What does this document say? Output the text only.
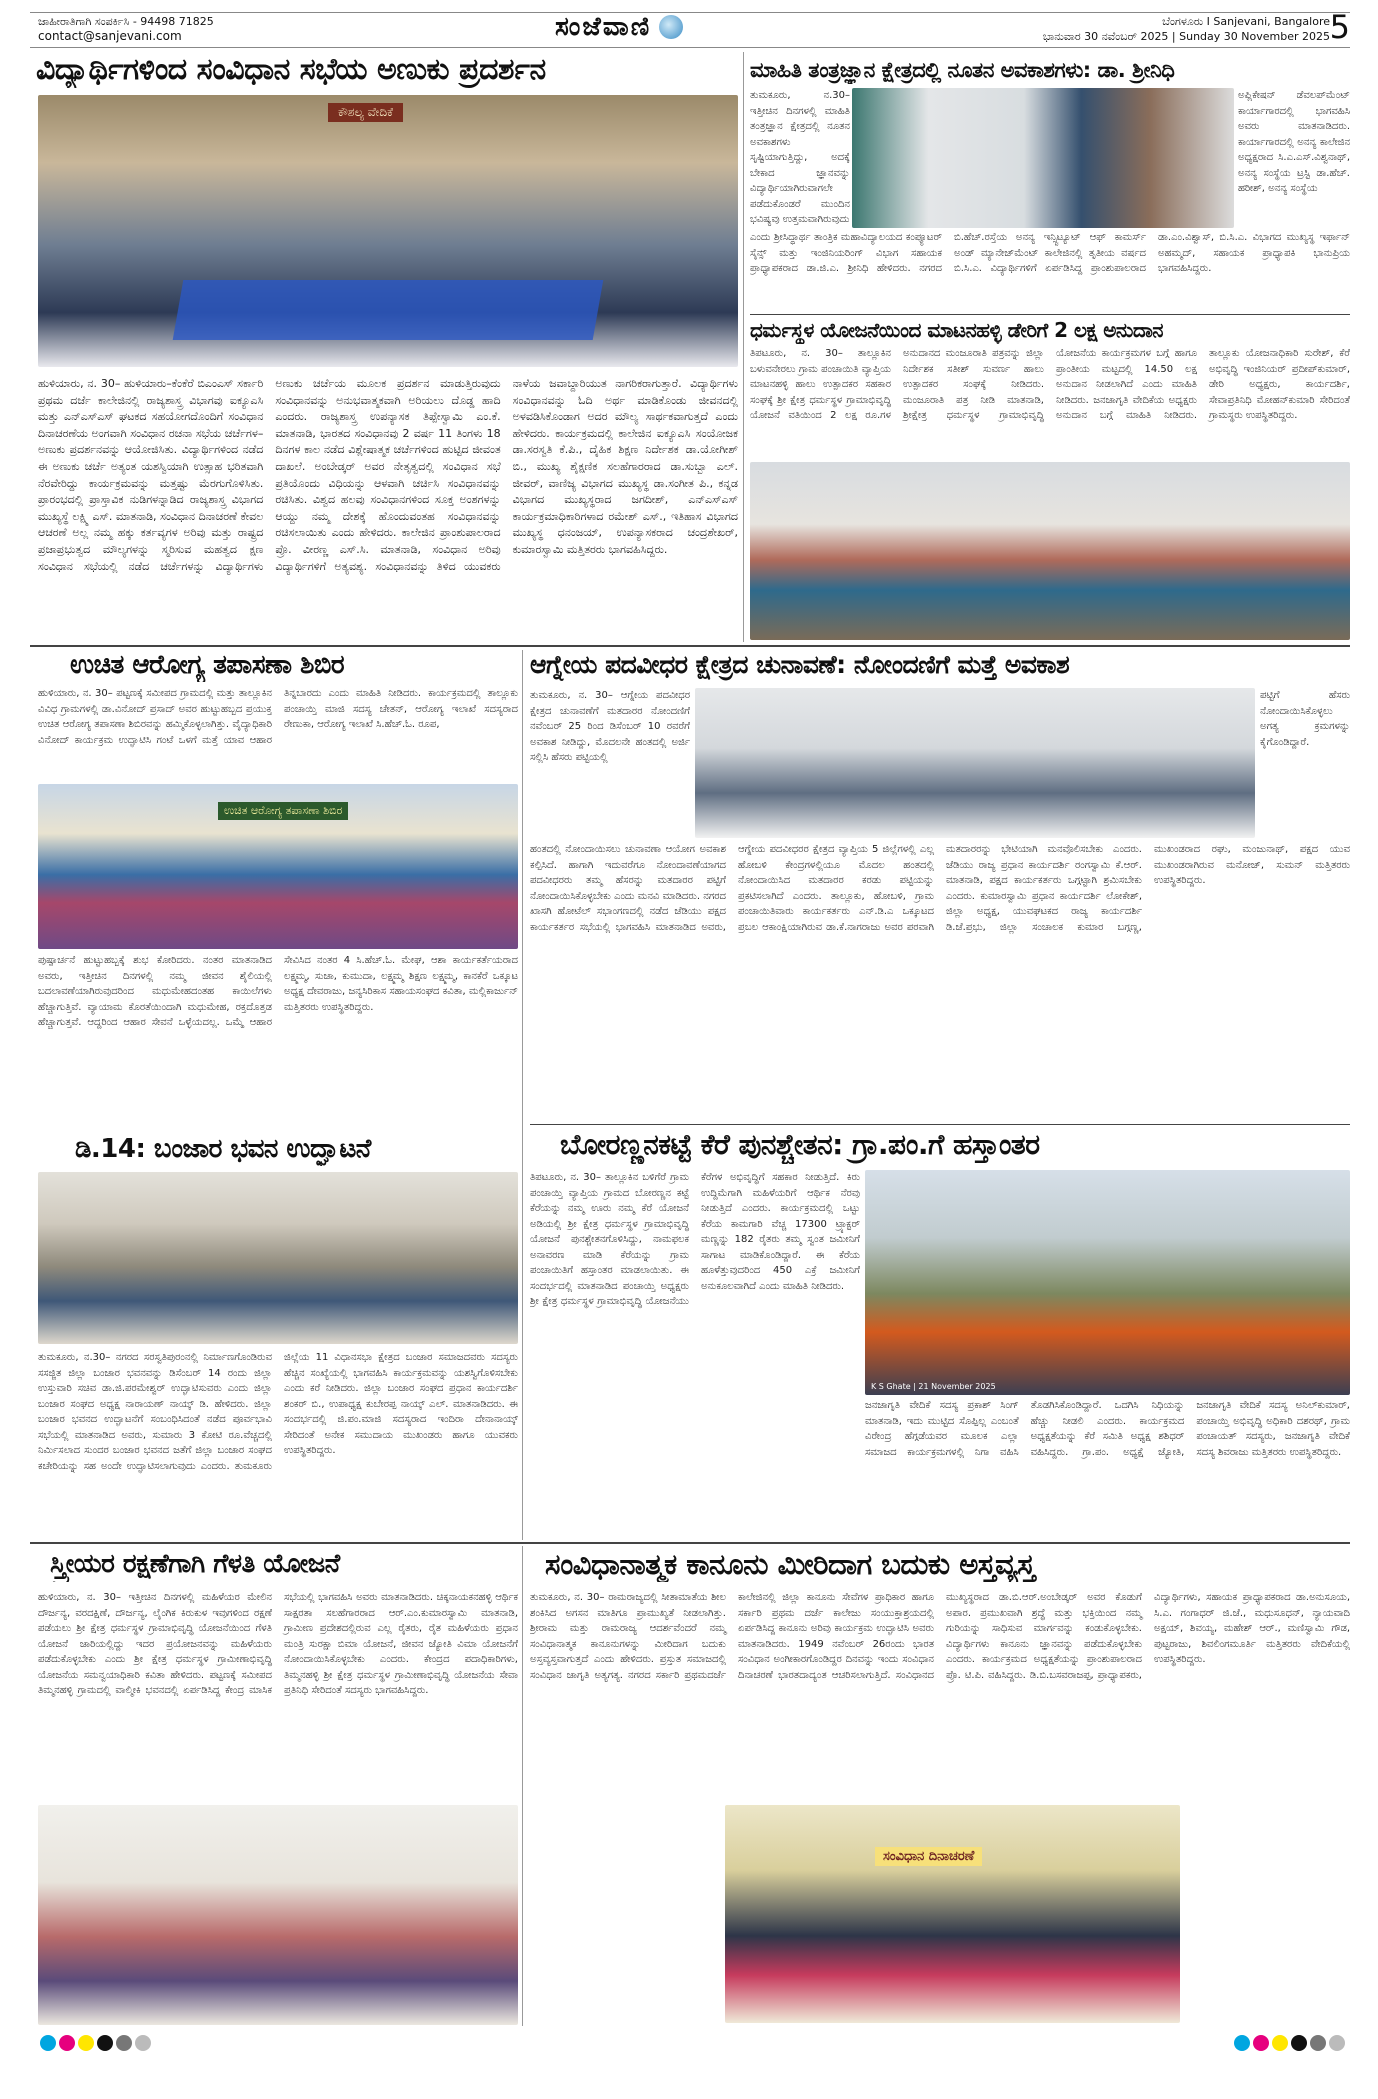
ಜಾಹೀರಾತಿಗಾಗಿ ಸಂಪರ್ಕಿಸಿ - 94498 71825
contact@sanjevani.com	ಸಂಜೆವಾಣಿ	ಬೆಂಗಳೂರು I Sanjevani, Bangalore
ಭಾನುವಾರ 30 ನವೆಂಬರ್ 2025 | Sunday 30 November 2025 5
ವಿದ್ಯಾರ್ಥಿಗಳಿಂದ ಸಂವಿಧಾನ ಸಭೆಯ ಅಣುಕು ಪ್ರದರ್ಶನ
ಕೌಶಲ್ಯ ವೇದಿಕೆ
ಹುಳಿಯಾರು, ನ. 30– ಹುಳಿಯಾರು–ಕೆಂಕೆರೆ ಬಿಎಂಎಸ್ ಸರ್ಕಾರಿ ಪ್ರಥಮ ದರ್ಜೆ ಕಾಲೇಜಿನಲ್ಲಿ ರಾಜ್ಯಶಾಸ್ತ್ರ ವಿಭಾಗವು ಐಕ್ಯೂಎಸಿ ಮತ್ತು ಎನ್‌ಎಸ್‌ಎಸ್ ಘಟಕದ ಸಹಯೋಗದೊಂದಿಗೆ ಸಂವಿಧಾನ ದಿನಾಚರಣೆಯ ಅಂಗವಾಗಿ ಸಂವಿಧಾನ ರಚನಾ ಸಭೆಯ ಚರ್ಚೆಗಳ– ಅಣುಕು ಪ್ರದರ್ಶನವನ್ನು ಆಯೋಜಿಸಿತು. ವಿದ್ಯಾರ್ಥಿಗಳಿಂದ ನಡೆದ ಈ ಅಣುಕು ಚರ್ಚೆ ಅತ್ಯಂತ ಯಶಸ್ವಿಯಾಗಿ ಉತ್ಸಾಹ ಭರಿತವಾಗಿ ನೆರವೇರಿದ್ದು ಕಾರ್ಯಕ್ರಮವನ್ನು ಮತ್ತಷ್ಟು ಮೆರಗುಗೊಳಿಸಿತು. ಪ್ರಾರಂಭದಲ್ಲಿ ಪ್ರಾಸ್ತಾವಿಕ ನುಡಿಗಳನ್ನಾಡಿದ ರಾಜ್ಯಶಾಸ್ತ್ರ ವಿಭಾಗದ ಮುಖ್ಯಸ್ಥೆ ಲಕ್ಷ್ಮಿ ಎಸ್. ಮಾತನಾಡಿ, ಸಂವಿಧಾನ ದಿನಾಚರಣೆ ಕೇವಲ ಆಚರಣೆ ಅಲ್ಲ ನಮ್ಮ ಹಕ್ಕು ಕರ್ತವ್ಯಗಳ ಅರಿವು ಮತ್ತು ರಾಷ್ಟ್ರದ ಪ್ರಜಾಪ್ರಭುತ್ವದ ಮೌಲ್ಯಗಳನ್ನು ಸ್ಮರಿಸುವ ಮಹತ್ವದ ಕ್ಷಣ ಸಂವಿಧಾನ ಸಭೆಯಲ್ಲಿ ನಡೆದ ಚರ್ಚೆಗಳನ್ನು ವಿದ್ಯಾರ್ಥಿಗಳು ಅಣುಕು ಚರ್ಚೆಯ ಮೂಲಕ ಪ್ರದರ್ಶನ ಮಾಡುತ್ತಿರುವುದು ಸಂವಿಧಾನವನ್ನು ಅನುಭವಾತ್ಮಕವಾಗಿ ಅರಿಯಲು ದೊಡ್ಡ ಹಾದಿ ಎಂದರು. ರಾಜ್ಯಶಾಸ್ತ್ರ ಉಪನ್ಯಾಸಕ ತಿಪ್ಪೇಸ್ವಾಮಿ ಎಂ.ಕೆ. ಮಾತನಾಡಿ, ಭಾರತದ ಸಂವಿಧಾನವು 2 ವರ್ಷ 11 ತಿಂಗಳು 18 ದಿನಗಳ ಕಾಲ ನಡೆದ ವಿಶ್ಲೇಷಾತ್ಮಕ ಚರ್ಚೆಗಳಿಂದ ಹುಟ್ಟಿದ ಜೀವಂತ ದಾಖಲೆ. ಅಂಬೇಡ್ಕರ್ ಅವರ ನೇತೃತ್ವದಲ್ಲಿ ಸಂವಿಧಾನ ಸಭೆ ಪ್ರತಿಯೊಂದು ವಿಧಿಯನ್ನು ಆಳವಾಗಿ ಚರ್ಚಿಸಿ ಸಂವಿಧಾನವನ್ನು ರಚಿಸಿತು. ವಿಶ್ವದ ಹಲವು ಸಂವಿಧಾನಗಳಿಂದ ಸೂಕ್ತ ಅಂಶಗಳನ್ನು ಆಯ್ದು ನಮ್ಮ ದೇಶಕ್ಕೆ ಹೊಂದುವಂತಹ ಸಂವಿಧಾನವನ್ನು ರಚಿಸಲಾಯಿತು ಎಂದು ಹೇಳಿದರು. ಕಾಲೇಜಿನ ಪ್ರಾಂಶುಪಾಲರಾದ ಪ್ರೊ. ವೀರಣ್ಣ ಎಸ್.ಸಿ. ಮಾತನಾಡಿ, ಸಂವಿಧಾನ ಅರಿವು ವಿದ್ಯಾರ್ಥಿಗಳಿಗೆ ಅತ್ಯವಶ್ಯ. ಸಂವಿಧಾನವನ್ನು ತಿಳಿದ ಯುವಕರು ನಾಳೆಯ ಜವಾಬ್ದಾರಿಯುತ ನಾಗರಿಕರಾಗುತ್ತಾರೆ. ವಿದ್ಯಾರ್ಥಿಗಳು ಸಂವಿಧಾನವನ್ನು ಓದಿ ಅರ್ಥ ಮಾಡಿಕೊಂಡು ಜೀವನದಲ್ಲಿ ಅಳವಡಿಸಿಕೊಂಡಾಗ ಅದರ ಮೌಲ್ಯ ಸಾರ್ಥಕವಾಗುತ್ತದೆ ಎಂದು ಹೇಳಿದರು. ಕಾರ್ಯಕ್ರಮದಲ್ಲಿ ಕಾಲೇಜಿನ ಐಕ್ಯೂಎಸಿ ಸಂಯೋಜಕ ಡಾ.ಸರಸ್ವತಿ ಕೆ.ಪಿ., ದೈಹಿಕ ಶಿಕ್ಷಣ ನಿರ್ದೇಶಕ ಡಾ.ಯೋಗೀಶ್ ಬಿ., ಮುಖ್ಯ ಶೈಕ್ಷಣಿಕ ಸಲಹೆಗಾರರಾದ ಡಾ.ಸುಬ್ಬಾ ಎಲ್. ಜೀವರ್, ವಾಣಿಜ್ಯ ವಿಭಾಗದ ಮುಖ್ಯಸ್ಥ ಡಾ.ಸಂಗೀತ ಪಿ., ಕನ್ನಡ ವಿಭಾಗದ ಮುಖ್ಯಸ್ಥರಾದ ಜಗದೀಶ್, ಎನ್‌ಎಸ್‌ಎಸ್ ಕಾರ್ಯಕ್ರಮಾಧಿಕಾರಿಗಳಾದ ರಮೇಶ್ ಎಸ್., ಇತಿಹಾಸ ವಿಭಾಗದ ಮುಖ್ಯಸ್ಥ ಧನಂಜಯ್, ಉಪನ್ಯಾಸಕರಾದ ಚಂದ್ರಶೇಖರ್, ಕುಮಾರಸ್ವಾಮಿ ಮತ್ತಿತರರು ಭಾಗವಹಿಸಿದ್ದರು.
ಮಾಹಿತಿ ತಂತ್ರಜ್ಞಾನ ಕ್ಷೇತ್ರದಲ್ಲಿ ನೂತನ ಅವಕಾಶಗಳು: ಡಾ. ಶ್ರೀನಿಧಿ
ತುಮಕೂರು, ನ.30– ಇತ್ತೀಚಿನ ದಿನಗಳಲ್ಲಿ ಮಾಹಿತಿ ತಂತ್ರಜ್ಞಾನ ಕ್ಷೇತ್ರದಲ್ಲಿ ನೂತನ ಅವಕಾಶಗಳು ಸೃಷ್ಟಿಯಾಗುತ್ತಿದ್ದು, ಅದಕ್ಕೆ ಬೇಕಾದ ಜ್ಞಾನವನ್ನು ವಿದ್ಯಾರ್ಥಿಯಾಗಿರುವಾಗಲೇ ಪಡೆದುಕೊಂಡರೆ ಮುಂದಿನ ಭವಿಷ್ಯವು ಉತ್ತಮವಾಗಿರುವುದು
ಅಪ್ಲಿಕೇಷನ್ ಡೆವಲಪ್‌ಮೆಂಟ್ ಕಾರ್ಯಾಗಾರದಲ್ಲಿ ಭಾಗವಹಿಸಿ ಅವರು ಮಾತನಾಡಿದರು. ಕಾರ್ಯಾಗಾರದಲ್ಲಿ ಅನನ್ಯ ಕಾಲೇಜಿನ ಅಧ್ಯಕ್ಷರಾದ ಸಿ.ಎ.ಎಸ್.ವಿಶ್ವನಾಥ್, ಅನನ್ಯ ಸಂಸ್ಥೆಯ ಟ್ರಸ್ಟಿ ಡಾ.ಹೆಚ್. ಹರೀಶ್, ಅನನ್ಯ ಸಂಸ್ಥೆಯ
ಎಂದು ಶ್ರೀಸಿದ್ಧಾರ್ಥ ತಾಂತ್ರಿಕ ಮಹಾವಿದ್ಯಾಲಯದ ಕಂಪ್ಯೂಟರ್ ಸೈನ್ಸ್ ಮತ್ತು ಇಂಜಿನಿಯರಿಂಗ್ ವಿಭಾಗ ಸಹಾಯಕ ಪ್ರಾಧ್ಯಾಪಕರಾದ ಡಾ.ಜಿ.ಎ. ಶ್ರೀನಿಧಿ ಹೇಳಿದರು. ನಗರದ ಬಿ.ಹೆಚ್.ರಸ್ತೆಯ ಅನನ್ಯ ಇನ್ಸ್ಟಿಟ್ಯೂಟ್ ಆಫ್ ಕಾಮರ್ಸ್ ಅಂಡ್ ಮ್ಯಾನೇಜ್‌ಮೆಂಟ್ ಕಾಲೇಜಿನಲ್ಲಿ ತೃತೀಯ ವರ್ಷದ ಬಿ.ಸಿ.ಎ. ವಿದ್ಯಾರ್ಥಿಗಳಿಗೆ ಏರ್ಪಡಿಸಿದ್ದ ಪ್ರಾಂಶುಪಾಲರಾದ ಡಾ.ಎಂ.ವಿಶ್ವಾಸ್, ಬಿ.ಸಿ.ಎ. ವಿಭಾಗದ ಮುಖ್ಯಸ್ಥ ಇರ್ಫಾನ್ ಅಹಮ್ಮದ್, ಸಹಾಯಕ ಪ್ರಾಧ್ಯಾಪಕಿ ಭಾನುಪ್ರಿಯ ಭಾಗವಹಿಸಿದ್ದರು.
ಧರ್ಮಸ್ಥಳ ಯೋಜನೆಯಿಂದ ಮಾಟನಹಳ್ಳಿ ಡೇರಿಗೆ 2 ಲಕ್ಷ ಅನುದಾನ
ತಿಪಟೂರು, ನ. 30– ತಾಲ್ಲೂಕಿನ ಬಳುವನೇರಲು ಗ್ರಾಮ ಪಂಚಾಯಿತಿ ವ್ಯಾಪ್ತಿಯ ಮಾಟನಹಳ್ಳಿ ಹಾಲು ಉತ್ಪಾದಕರ ಸಹಕಾರ ಸಂಘಕ್ಕೆ ಶ್ರೀ ಕ್ಷೇತ್ರ ಧರ್ಮಸ್ಥಳ ಗ್ರಾಮಾಭಿವೃದ್ಧಿ ಯೋಜನೆ ವತಿಯಿಂದ 2 ಲಕ್ಷ ರೂ.ಗಳ ಅನುದಾನದ ಮಂಜೂರಾತಿ ಪತ್ರವನ್ನು ಜಿಲ್ಲಾ ನಿರ್ದೇಶಕ ಸತೀಶ್ ಸುವರ್ಣ ಹಾಲು ಉತ್ಪಾದಕರ ಸಂಘಕ್ಕೆ ನೀಡಿದರು. ಮಂಜೂರಾತಿ ಪತ್ರ ನೀಡಿ ಮಾತನಾಡಿ, ಶ್ರೀಕ್ಷೇತ್ರ ಧರ್ಮಸ್ಥಳ ಗ್ರಾಮಾಭಿವೃದ್ಧಿ ಯೋಜನೆಯ ಕಾರ್ಯಕ್ರಮಗಳ ಬಗ್ಗೆ ಹಾಗೂ ಪ್ರಾಂತೀಯ ಮಟ್ಟದಲ್ಲಿ 14.50 ಲಕ್ಷ ಅನುದಾನ ನೀಡಲಾಗಿದೆ ಎಂದು ಮಾಹಿತಿ ನೀಡಿದರು. ಜನಜಾಗೃತಿ ವೇದಿಕೆಯ ಅಧ್ಯಕ್ಷರು ಅನುದಾನ ಬಗ್ಗೆ ಮಾಹಿತಿ ನೀಡಿದರು. ತಾಲ್ಲೂಕು ಯೋಜನಾಧಿಕಾರಿ ಸುರೇಶ್, ಕೆರೆ ಅಭಿವೃದ್ಧಿ ಇಂಜಿನಿಯರ್ ಪ್ರದೀಪ್‌ಕುಮಾರ್, ಡೇರಿ ಅಧ್ಯಕ್ಷರು, ಕಾರ್ಯದರ್ಶಿ, ಸೇವಾಪ್ರತಿನಿಧಿ ಮೋಹನ್‌ಕುಮಾರಿ ಸೇರಿದಂತೆ ಗ್ರಾಮಸ್ಥರು ಉಪಸ್ಥಿತರಿದ್ದರು.
ಉಚಿತ ಆರೋಗ್ಯ ತಪಾಸಣಾ ಶಿಬಿರ
ಹುಳಿಯಾರು, ನ. 30– ಪಟ್ಟಣಕ್ಕೆ ಸಮೀಪದ ಗ್ರಾಮದಲ್ಲಿ ಮತ್ತು ತಾಲ್ಲೂಕಿನ ವಿವಿಧ ಗ್ರಾಮಗಳಲ್ಲಿ ಡಾ.ವಿನೋದ್ ಪ್ರಸಾದ್ ಅವರ ಹುಟ್ಟುಹಬ್ಬದ ಪ್ರಯುಕ್ತ ಉಚಿತ ಆರೋಗ್ಯ ತಪಾಸಣಾ ಶಿಬಿರವನ್ನು ಹಮ್ಮಿಕೊಳ್ಳಲಾಗಿತ್ತು. ವೈದ್ಯಾಧಿಕಾರಿ ವಿನೋದ್ ಕಾರ್ಯಕ್ರಮ ಉದ್ಘಾಟಿಸಿ ಗಂಟೆ ಒಳಗೆ ಮತ್ತೆ ಯಾವ ಆಹಾರ ತಿನ್ನಬಾರದು ಎಂದು ಮಾಹಿತಿ ನೀಡಿದರು. ಕಾರ್ಯಕ್ರಮದಲ್ಲಿ ತಾಲ್ಲೂಕು ಪಂಚಾಯ್ತಿ ಮಾಜಿ ಸದಸ್ಯ ಚೇತನ್, ಆರೋಗ್ಯ ಇಲಾಖೆ ಸದಸ್ಯರಾದ ರೇಣುಕಾ, ಆರೋಗ್ಯ ಇಲಾಖೆ ಸಿ.ಹೆಚ್.ಓ. ರೂಪ,
ಉಚಿತ ಆರೋಗ್ಯ ತಪಾಸಣಾ ಶಿಬಿರ
ಪುಷ್ಪಾರ್ಚನೆ ಹುಟ್ಟುಹಬ್ಬಕ್ಕೆ ಶುಭ ಕೋರಿದರು. ನಂತರ ಮಾತನಾಡಿದ ಅವರು, ಇತ್ತೀಚಿನ ದಿನಗಳಲ್ಲಿ ನಮ್ಮ ಜೀವನ ಶೈಲಿಯಲ್ಲಿ ಬದಲಾವಣೆಯಾಗಿರುವುದರಿಂದ ಮಧುಮೇಹದಂತಹ ಕಾಯಿಲೆಗಳು ಹೆಚ್ಚಾಗುತ್ತಿವೆ. ವ್ಯಾಯಾಮ ಕೊರತೆಯಿಂದಾಗಿ ಮಧುಮೇಹ, ರಕ್ತದೊತ್ತಡ ಹೆಚ್ಚಾಗುತ್ತವೆ. ಆದ್ದರಿಂದ ಆಹಾರ ಸೇವನೆ ಒಳ್ಳೆಯದಲ್ಲ. ಒಮ್ಮೆ ಆಹಾರ ಸೇವಿಸಿದ ನಂತರ 4 ಸಿ.ಹೆಚ್.ಓ. ಮೇಘ, ಆಶಾ ಕಾರ್ಯಕರ್ತೆಯರಾದ ಲಕ್ಷ್ಮಮ್ಮ, ಸುಜಾ, ಕುಮುದಾ, ಲಕ್ಷ್ಮಮ್ಮ ಶಿಕ್ಷಣ ಲಕ್ಷ್ಮಮ್ಮ, ಕಾನಕೆರೆ ಒಕ್ಕೂಟ ಅಧ್ಯಕ್ಷ ದೇವರಾಜು, ಜನ್ಯಸಿರಿಕಾಸ ಸಹಾಯಸಂಘದ ಕವಿತಾ, ಮಲ್ಲಿಕಾರ್ಜುನ್ ಮತ್ತಿತರರು ಉಪಸ್ಥಿತರಿದ್ದರು.
ಡಿ.14: ಬಂಜಾರ ಭವನ ಉದ್ಘಾಟನೆ
ತುಮಕೂರು, ನ.30– ನಗರದ ಸರಸ್ವತಿಪುರಂನಲ್ಲಿ ನಿರ್ಮಾಣಗೊಂಡಿರುವ ಸಸಜ್ಜಿತ ಜಿಲ್ಲಾ ಬಂಜಾರ ಭವನವನ್ನು ಡಿಸೆಂಬರ್ 14 ರಂದು ಜಿಲ್ಲಾ ಉಸ್ತುವಾರಿ ಸಚಿವ ಡಾ.ಜಿ.ಪರಮೇಶ್ವರ್ ಉದ್ಘಾಟಿಸುವರು ಎಂದು ಜಿಲ್ಲಾ ಬಂಜಾರ ಸಂಘದ ಅಧ್ಯಕ್ಷ ನಾರಾಯಣ್ ನಾಯ್ಕ್ ಡಿ. ಹೇಳಿದರು. ಜಿಲ್ಲಾ ಬಂಜಾರ ಭವನದ ಉದ್ಘಾಟನೆಗೆ ಸಂಬಂಧಿಸಿದಂತೆ ನಡೆದ ಪೂರ್ವಭಾವಿ ಸಭೆಯಲ್ಲಿ ಮಾತನಾಡಿದ ಅವರು, ಸುಮಾರು 3 ಕೋಟಿ ರೂ.ವೆಚ್ಚದಲ್ಲಿ ನಿರ್ಮಿಸಲಾದ ಸುಂದರ ಬಂಜಾರ ಭವನದ ಜತೆಗೆ ಜಿಲ್ಲಾ ಬಂಜಾರ ಸಂಘದ ಕಚೇರಿಯನ್ನು ಸಹ ಅಂದೇ ಉದ್ಘಾಟಿಸಲಾಗುವುದು ಎಂದರು. ತುಮಕೂರು ಜಿಲ್ಲೆಯ 11 ವಿಧಾನಸಭಾ ಕ್ಷೇತ್ರದ ಬಂಜಾರ ಸಮಾಜದವರು ಸದಸ್ಯರು ಹೆಚ್ಚಿನ ಸಂಖ್ಯೆಯಲ್ಲಿ ಭಾಗವಹಿಸಿ ಕಾರ್ಯಕ್ರಮವನ್ನು ಯಶಸ್ವಿಗೊಳಿಸಬೇಕು ಎಂದು ಕರೆ ನೀಡಿದರು. ಜಿಲ್ಲಾ ಬಂಜಾರ ಸಂಘದ ಪ್ರಧಾನ ಕಾರ್ಯದರ್ಶಿ ಶಂಕರ್ ಬಿ., ಉಪಾಧ್ಯಕ್ಷ ಕುಬೇರಪ್ಪ ನಾಯ್ಕ್ ಎಲ್. ಮಾತನಾಡಿದರು. ಈ ಸಂದರ್ಭದಲ್ಲಿ ಜಿ.ಪಂ.ಮಾಜಿ ಸದಸ್ಯರಾದ ಇಂದಿರಾ ದೇನಾನಾಯ್ಕ್ ಸೇರಿದಂತೆ ಅನೇಕ ಸಮುದಾಯ ಮುಖಂಡರು ಹಾಗೂ ಯುವಕರು ಉಪಸ್ಥಿತರಿದ್ದರು.
ಆಗ್ನೇಯ ಪದವೀಧರ ಕ್ಷೇತ್ರದ ಚುನಾವಣೆ: ನೋಂದಣಿಗೆ ಮತ್ತೆ ಅವಕಾಶ
ತುಮಕೂರು, ನ. 30– ಆಗ್ನೇಯ ಪದವೀಧರ ಕ್ಷೇತ್ರದ ಚುನಾವಣೆಗೆ ಮತದಾರರ ನೋಂದಣಿಗೆ ನವೆಂಬರ್ 25 ರಿಂದ ಡಿಸೆಂಬರ್ 10 ರವರೆಗೆ ಅವಕಾಶ ನೀಡಿದ್ದು, ಮೊದಲನೇ ಹಂತದಲ್ಲಿ ಅರ್ಜಿ ಸಲ್ಲಿಸಿ ಹೆಸರು ಪಟ್ಟಿಯಲ್ಲಿ
ಪಟ್ಟಿಗೆ ಹೆಸರು ನೋಂದಾಯಿಸಿಕೊಳ್ಳಲು ಅಗತ್ಯ ಕ್ರಮಗಳನ್ನು ಕೈಗೊಂಡಿದ್ದಾರೆ.
ಹಂತದಲ್ಲಿ ನೋಂದಾಯಿಸಲು ಚುನಾವಣಾ ಆಯೋಗ ಅವಕಾಶ ಕಲ್ಪಿಸಿದೆ. ಹಾಗಾಗಿ ಇದುವರೆಗೂ ನೋಂದಾವಣೆಯಾಗದ ಪದವೀಧರರು ತಮ್ಮ ಹೆಸರನ್ನು ಮತದಾರರ ಪಟ್ಟಿಗೆ ನೋಂದಾಯಿಸಿಕೊಳ್ಳಬೇಕು ಎಂದು ಮನವಿ ಮಾಡಿದರು. ನಗರದ ಖಾಸಗಿ ಹೋಟೆಲ್ ಸಭಾಂಗಣದಲ್ಲಿ ನಡೆದ ಜೆಡಿಯು ಪಕ್ಷದ ಕಾರ್ಯಕರ್ತರ ಸಭೆಯಲ್ಲಿ ಭಾಗವಹಿಸಿ ಮಾತನಾಡಿದ ಅವರು, ಆಗ್ನೇಯ ಪದವೀಧರರ ಕ್ಷೇತ್ರದ ವ್ಯಾಪ್ತಿಯ 5 ಜಿಲ್ಲೆಗಳಲ್ಲಿ ಎಲ್ಲ ಹೋಬಳಿ ಕೇಂದ್ರಗಳಲ್ಲಿಯೂ ಮೊದಲ ಹಂತದಲ್ಲಿ ನೋಂದಾಯಿಸಿದ ಮತದಾರರ ಕರಡು ಪಟ್ಟಿಯನ್ನು ಪ್ರಕಟಿಸಲಾಗಿದೆ ಎಂದರು. ತಾಲ್ಲೂಕು, ಹೋಬಳಿ, ಗ್ರಾಮ ಪಂಚಾಯಿತಿವಾರು ಕಾರ್ಯಕರ್ತರು ಎನ್.ಡಿ.ಎ ಒಕ್ಕೂಟದ ಪ್ರಬಲ ಆಕಾಂಕ್ಷಿಯಾಗಿರುವ ಡಾ.ಕೆ.ನಾಗರಾಜು ಅವರ ಪರವಾಗಿ ಮತದಾರರನ್ನು ಭೇಟಿಯಾಗಿ ಮನವೊಲಿಸಬೇಕು ಎಂದರು. ಜೆಡಿಯು ರಾಜ್ಯ ಪ್ರಧಾನ ಕಾರ್ಯದರ್ಶಿ ರಂಗಸ್ವಾಮಿ ಕೆ.ಆರ್. ಮಾತನಾಡಿ, ಪಕ್ಷದ ಕಾರ್ಯಕರ್ತರು ಒಗ್ಗಟ್ಟಾಗಿ ಶ್ರಮಿಸಬೇಕು ಎಂದರು. ಕುಮಾರಸ್ವಾಮಿ ಪ್ರಧಾನ ಕಾರ್ಯದರ್ಶಿ ಲೋಕೇಶ್, ಜಿಲ್ಲಾ ಅಧ್ಯಕ್ಷ, ಯುವಘಟಕದ ರಾಜ್ಯ ಕಾರ್ಯದರ್ಶಿ ಡಿ.ಜೆ.ಪ್ರಭು, ಜಿಲ್ಲಾ ಸಂಚಾಲಕ ಕುಮಾರ ಬಗ್ಗಣ್ಣ, ಮುಖಂಡರಾದ ರಘು, ಮಂಜುನಾಥ್, ಪಕ್ಷದ ಯುವ ಮುಖಂಡರಾಗಿರುವ ಮನೋಜ್, ಸುಮನ್ ಮತ್ತಿತರರು ಉಪಸ್ಥಿತರಿದ್ದರು.
ಬೋರಣ್ಣನಕಟ್ಟೆ ಕೆರೆ ಪುನಶ್ಚೇತನ: ಗ್ರಾ.ಪಂ.ಗೆ ಹಸ್ತಾಂತರ
ತಿಪಟೂರು, ನ. 30– ತಾಲ್ಲೂಕಿನ ಬಳಿಗೆರೆ ಗ್ರಾಮ ಪಂಚಾಯ್ತಿ ವ್ಯಾಪ್ತಿಯ ಗ್ರಾಮದ ಬೋರಣ್ಣನ ಕಟ್ಟೆ ಕೆರೆಯನ್ನು ನಮ್ಮ ಊರು ನಮ್ಮ ಕೆರೆ ಯೋಜನೆ ಅಡಿಯಲ್ಲಿ ಶ್ರೀ ಕ್ಷೇತ್ರ ಧರ್ಮಸ್ಥಳ ಗ್ರಾಮಾಭಿವೃದ್ಧಿ ಯೋಜನೆ ಪುನಶ್ಚೇತನಗೊಳಿಸಿದ್ದು, ನಾಮಫಲಕ ಅನಾವರಣ ಮಾಡಿ ಕೆರೆಯನ್ನು ಗ್ರಾಮ ಪಂಚಾಯಿತಿಗೆ ಹಸ್ತಾಂತರ ಮಾಡಲಾಯಿತು. ಈ ಸಂದರ್ಭದಲ್ಲಿ ಮಾತನಾಡಿದ ಪಂಚಾಯ್ತಿ ಅಧ್ಯಕ್ಷರು ಶ್ರೀ ಕ್ಷೇತ್ರ ಧರ್ಮಸ್ಥಳ ಗ್ರಾಮಾಭಿವೃದ್ಧಿ ಯೋಜನೆಯು ಕೆರೆಗಳ ಅಭಿವೃದ್ಧಿಗೆ ಸಹಕಾರ ನೀಡುತ್ತಿದೆ. ಕಿರು ಉದ್ದಿಮೆಗಾಗಿ ಮಹಿಳೆಯರಿಗೆ ಆರ್ಥಿಕ ನೆರವು ನೀಡುತ್ತಿದೆ ಎಂದರು. ಕಾರ್ಯಕ್ರಮದಲ್ಲಿ ಒಟ್ಟು ಕೆರೆಯ ಕಾಮಗಾರಿ ವೆಚ್ಚ 17300 ಟ್ರ್ಯಾಕ್ಟರ್ ಮಣ್ಣನ್ನು 182 ರೈತರು ತಮ್ಮ ಸ್ವಂತ ಜಮೀನಿಗೆ ಸಾಗಾಟ ಮಾಡಿಕೊಂಡಿದ್ದಾರೆ. ಈ ಕೆರೆಯ ಹೂಳೆತ್ತುವುದರಿಂದ 450 ಎಕ್ರೆ ಜಮೀನಿಗೆ ಅನುಕೂಲವಾಗಿದೆ ಎಂದು ಮಾಹಿತಿ ನೀಡಿದರು.
K S Ghate | 21 November 2025
ಜನಜಾಗೃತಿ ವೇದಿಕೆ ಸದಸ್ಯ ಪ್ರಕಾಶ್ ಸಿಂಗ್ ಮಾತನಾಡಿ, ಇದು ಮುಟ್ಟಿದ ಸೊಪ್ಪಿಲ್ಲ ಎಂಬಂತೆ ವಿರೇಂದ್ರ ಹೆಗ್ಗಡೆಯವರ ಮೂಲಕ ಎಲ್ಲಾ ಸಮಾಜದ ಕಾರ್ಯಕ್ರಮಗಳಲ್ಲಿ ನಿಗಾ ವಹಿಸಿ ತೊಡಗಿಸಿಕೊಂಡಿದ್ದಾರೆ. ಒದಗಿಸಿ ನಿಧಿಯನ್ನು ಹೆಚ್ಚು ನೀಡಲಿ ಎಂದರು. ಕಾರ್ಯಕ್ರಮದ ಅಧ್ಯಕ್ಷತೆಯನ್ನು ಕೆರೆ ಸಮಿತಿ ಅಧ್ಯಕ್ಷ ಶಶಿಧರ್ ವಹಿಸಿದ್ದರು. ಗ್ರಾ.ಪಂ. ಅಧ್ಯಕ್ಷೆ ಜ್ಯೋತಿ, ಜನಜಾಗೃತಿ ವೇದಿಕೆ ಸದಸ್ಯ ಅನಿಲ್‌ಕುಮಾರ್, ಪಂಚಾಯ್ತಿ ಅಭಿವೃದ್ಧಿ ಅಧಿಕಾರಿ ದಶರಥ್, ಗ್ರಾಮ ಪಂಚಾಯತ್ ಸದಸ್ಯರು, ಜನಜಾಗೃತಿ ವೇದಿಕೆ ಸದಸ್ಯ ಶಿವರಾಜು ಮತ್ತಿತರರು ಉಪಸ್ಥಿತರಿದ್ದರು.
ಸ್ತ್ರೀಯರ ರಕ್ಷಣೆಗಾಗಿ ಗೆಳತಿ ಯೋಜನೆ
ಹುಳಿಯಾರು, ನ. 30– ಇತ್ತೀಚಿನ ದಿನಗಳಲ್ಲಿ ಮಹಿಳೆಯರ ಮೇಲಿನ ದೌರ್ಜನ್ಯ, ವರದಕ್ಷಿಣೆ, ದೌರ್ಜನ್ಯ, ಲೈಂಗಿಕ ಕಿರುಕುಳ ಇವುಗಳಿಂದ ರಕ್ಷಣೆ ಪಡೆಯಲು ಶ್ರೀ ಕ್ಷೇತ್ರ ಧರ್ಮಸ್ಥಳ ಗ್ರಾಮಾಭಿವೃದ್ಧಿ ಯೋಜನೆಯಿಂದ ಗೆಳತಿ ಯೋಜನೆ ಜಾರಿಯಲ್ಲಿದ್ದು ಇದರ ಪ್ರಯೋಜನವನ್ನು ಮಹಿಳೆಯರು ಪಡೆದುಕೊಳ್ಳಬೇಕು ಎಂದು ಶ್ರೀ ಕ್ಷೇತ್ರ ಧರ್ಮಸ್ಥಳ ಗ್ರಾಮೀಣಾಭಿವೃದ್ಧಿ ಯೋಜನೆಯ ಸಮನ್ವಯಾಧಿಕಾರಿ ಕವಿತಾ ಹೇಳಿದರು. ಪಟ್ಟಣಕ್ಕೆ ಸಮೀಪದ ತಿಮ್ಮನಹಳ್ಳಿ ಗ್ರಾಮದಲ್ಲಿ ವಾಲ್ಮೀಕಿ ಭವನದಲ್ಲಿ ಏರ್ಪಡಿಸಿದ್ದ ಕೇಂದ್ರ ಮಾಸಿಕ ಸಭೆಯಲ್ಲಿ ಭಾಗವಹಿಸಿ ಅವರು ಮಾತನಾಡಿದರು. ಚಿಕ್ಕನಾಯಕನಹಳ್ಳಿ ಆರ್ಥಿಕ ಸಾಕ್ಷರತಾ ಸಲಹೆಗಾರರಾದ ಆರ್.ಎಂ.ಕುಮಾರಸ್ವಾಮಿ ಮಾತನಾಡಿ, ಗ್ರಾಮೀಣ ಪ್ರದೇಶದಲ್ಲಿರುವ ಎಲ್ಲ ರೈತರು, ರೈತ ಮಹಿಳೆಯರು ಪ್ರಧಾನ ಮಂತ್ರಿ ಸುರಕ್ಷಾ ಬಿಮಾ ಯೋಜನೆ, ಜೀವನ ಜ್ಯೋತಿ ವಿಮಾ ಯೋಜನೆಗೆ ನೋಂದಾಯಿಸಿಕೊಳ್ಳಬೇಕು ಎಂದರು. ಕೇಂದ್ರದ ಪದಾಧಿಕಾರಿಗಳು, ತಿಮ್ಮನಹಳ್ಳಿ ಶ್ರೀ ಕ್ಷೇತ್ರ ಧರ್ಮಸ್ಥಳ ಗ್ರಾಮೀಣಾಭಿವೃದ್ಧಿ ಯೋಜನೆಯ ಸೇವಾ ಪ್ರತಿನಿಧಿ ಸೇರಿದಂತೆ ಸದಸ್ಯರು ಭಾಗವಹಿಸಿದ್ದರು.
ಸಂವಿಧಾನಾತ್ಮಕ ಕಾನೂನು ಮೀರಿದಾಗ ಬದುಕು ಅಸ್ತವ್ಯಸ್ತ
ತುಮಕೂರು, ನ. 30– ರಾಮರಾಜ್ಯದಲ್ಲಿ ಸೀತಾಮಾತೆಯ ಶೀಲ ಶಂಕಿಸಿದ ಅಗಸನ ಮಾತಿಗೂ ಪ್ರಾಮುಖ್ಯತೆ ನೀಡಲಾಗಿತ್ತು. ಶ್ರೀರಾಮ ಮತ್ತು ರಾಮರಾಜ್ಯ ಆದರ್ಶವೆಂದರೆ ನಮ್ಮ ಸಂವಿಧಾನಾತ್ಮಕ ಕಾನೂನುಗಳನ್ನು ಮೀರಿದಾಗ ಬದುಕು ಅಸ್ತವ್ಯಸ್ತವಾಗುತ್ತದೆ ಎಂದು ಹೇಳಿದರು. ಪ್ರಸ್ತುತ ಸಮಾಜದಲ್ಲಿ ಸಂವಿಧಾನ ಜಾಗೃತಿ ಅತ್ಯಗತ್ಯ. ನಗರದ ಸರ್ಕಾರಿ ಪ್ರಥಮದರ್ಜೆ ಕಾಲೇಜಿನಲ್ಲಿ ಜಿಲ್ಲಾ ಕಾನೂನು ಸೇವೆಗಳ ಪ್ರಾಧಿಕಾರ ಹಾಗೂ ಸರ್ಕಾರಿ ಪ್ರಥಮ ದರ್ಜೆ ಕಾಲೇಜು ಸಂಯುಕ್ತಾಶ್ರಯದಲ್ಲಿ ಏರ್ಪಡಿಸಿದ್ದ ಕಾನೂನು ಅರಿವು ಕಾರ್ಯಕ್ರಮ ಉದ್ಘಾಟಿಸಿ ಅವರು ಮಾತನಾಡಿದರು. 1949 ನವೆಂಬರ್ 26ರಂದು ಭಾರತ ಸಂವಿಧಾನ ಅಂಗೀಕಾರಗೊಂಡಿದ್ದರ ದಿನವನ್ನು ಇಂದು ಸಂವಿಧಾನ ದಿನಾಚರಣೆ ಭಾರತದಾದ್ಯಂತ ಆಚರಿಸಲಾಗುತ್ತಿದೆ. ಸಂವಿಧಾನದ ಮುಖ್ಯಸ್ಥರಾದ ಡಾ.ಬಿ.ಆರ್.ಅಂಬೇಡ್ಕರ್ ಅವರ ಕೊಡುಗೆ ಅಪಾರ. ಪ್ರಮುಖವಾಗಿ ಶ್ರದ್ಧೆ ಮತ್ತು ಭಕ್ತಿಯಿಂದ ನಮ್ಮ ಗುರಿಯನ್ನು ಸಾಧಿಸುವ ಮಾರ್ಗವನ್ನು ಕಂಡುಕೊಳ್ಳಬೇಕು. ವಿದ್ಯಾರ್ಥಿಗಳು ಕಾನೂನು ಜ್ಞಾನವನ್ನು ಪಡೆದುಕೊಳ್ಳಬೇಕು ಎಂದರು. ಕಾರ್ಯಕ್ರಮದ ಅಧ್ಯಕ್ಷತೆಯನ್ನು ಪ್ರಾಂಶುಪಾಲರಾದ ಪ್ರೊ. ಟಿ.ಪಿ. ವಹಿಸಿದ್ದರು. ಡಿ.ಬಿ.ಬಸವರಾಜಪ್ಪ, ಪ್ರಾಧ್ಯಾಪಕರು, ವಿದ್ಯಾರ್ಥಿಗಳು, ಸಹಾಯಕ ಪ್ರಾಧ್ಯಾಪಕರಾದ ಡಾ.ಅನುಸೂಯ, ಸಿ.ಎ. ಗಂಗಾಧರ್ ಜಿ.ಜೆ., ಮಧುಸೂಧನ್, ನ್ಯಾಯವಾದಿ ಅಕ್ಷಯ್, ಶಿವಯ್ಯ, ಮಹೇಶ್ ಆರ್., ಮಣಿಸ್ವಾಮಿ ಗೌಡ, ಪುಟ್ಟರಾಜು, ಶಿವಲಿಂಗಮೂರ್ತಿ ಮತ್ತಿತರರು ವೇದಿಕೆಯಲ್ಲಿ ಉಪಸ್ಥಿತರಿದ್ದರು.
ಸಂವಿಧಾನ ದಿನಾಚರಣೆ
